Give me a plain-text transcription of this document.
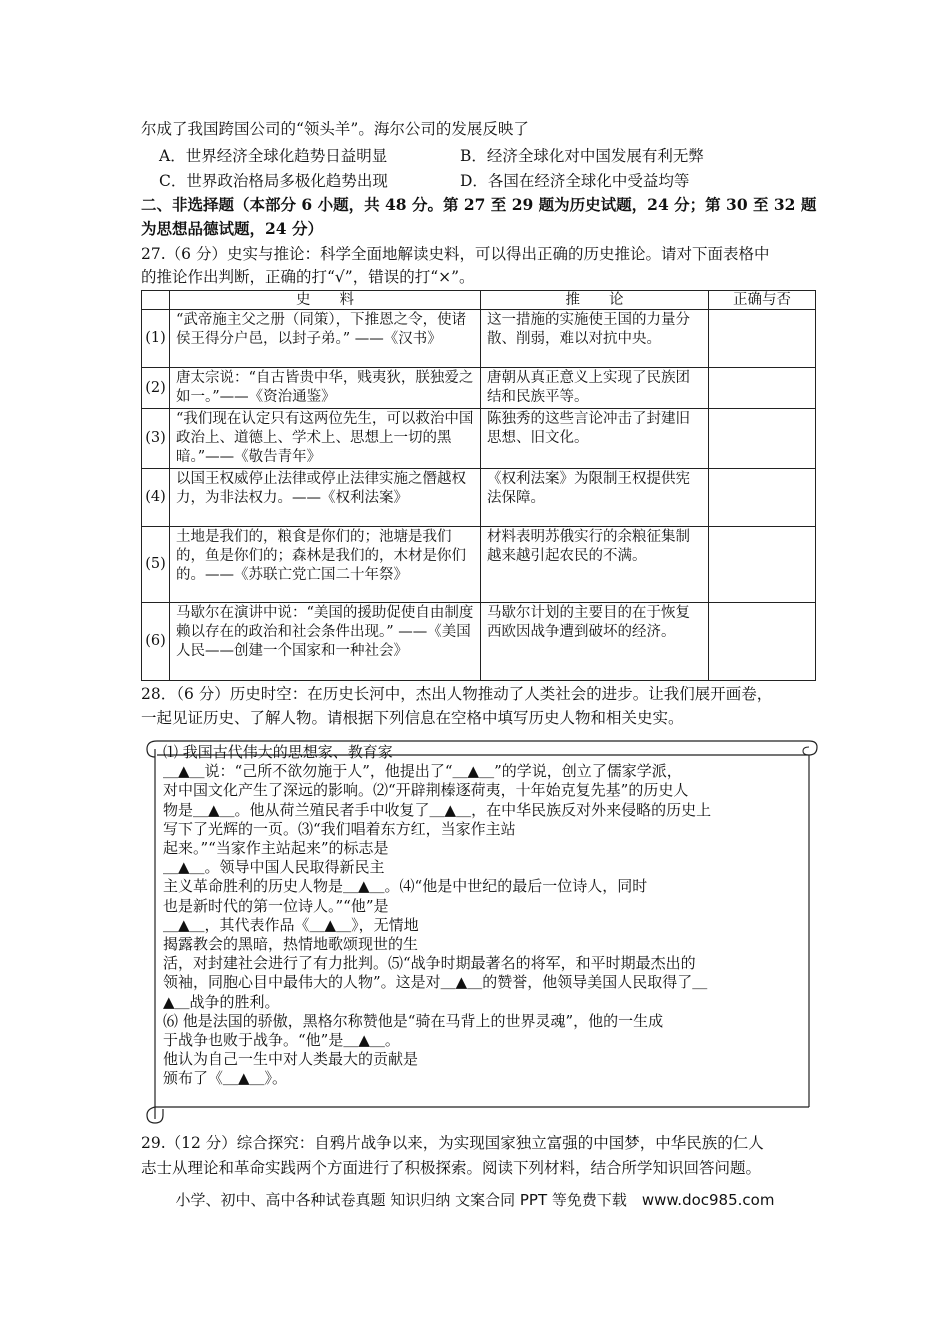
尔成了我国跨国公司的“领头羊”。海尔公司的发展反映了
A．世界经济全球化趋势日益明显	B．经济全球化对中国发展有利无弊
C．世界政治格局多极化趋势出现	D．各国在经济全球化中受益均等
二、非选择题（本部分 6 小题，共 48 分。第 27 至 29 题为历史试题，24 分；第 30 至 32 题
为思想品德试题，24 分）
27.（6 分）史实与推论：科学全面地解读史料，可以得出正确的历史推论。请对下面表格中
的推论作出判断，正确的打“√”，错误的打“×”。
	史　　料	推　　论	正确与否
(1)	“武帝施主父之册（同策），下推恩之令，使诸侯王得分户邑，以封子弟。” ——《汉书》	这一措施的实施使王国的力量分散、削弱，难以对抗中央。	
(2)	唐太宗说：“自古皆贵中华，贱夷狄，朕独爱之如一。”——《资治通鉴》	唐朝从真正意义上实现了民族团结和民族平等。	
(3)	“我们现在认定只有这两位先生，可以救治中国政治上、道德上、学术上、思想上一切的黑暗。”——《敬告青年》	陈独秀的这些言论冲击了封建旧思想、旧文化。	
(4)	以国王权威停止法律或停止法律实施之僭越权力，为非法权力。——《权利法案》	《权利法案》为限制王权提供宪法保障。	
(5)	土地是我们的，粮食是你们的；池塘是我们的，鱼是你们的；森林是我们的，木材是你们的。——《苏联亡党亡国二十年祭》	材料表明苏俄实行的余粮征集制越来越引起农民的不满。	
(6)	马歇尔在演讲中说：“美国的援助促使自由制度赖以存在的政治和社会条件出现。” ——《美国人民——创建一个国家和一种社会》	马歇尔计划的主要目的在于恢复西欧因战争遭到破坏的经济。	
28．（6 分）历史时空：在历史长河中，杰出人物推动了人类社会的进步。让我们展开画卷，
一起见证历史、了解人物。请根据下列信息在空格中填写历史人物和相关史实。
⑴ 我国古代伟大的思想家、教育家
＿▲＿说：“己所不欲勿施于人”，他提出了“＿▲＿”的学说，创立了儒家学派，
对中国文化产生了深远的影响。⑵“开辟荆榛逐荷夷，十年始克复先基”的历史人
物是＿▲＿。他从荷兰殖民者手中收复了＿▲＿，在中华民族反对外来侵略的历史上
写下了光辉的一页。⑶“我们唱着东方红，当家作主站
起来。”“当家作主站起来”的标志是
＿▲＿。领导中国人民取得新民主
主义革命胜利的历史人物是＿▲＿。⑷“他是中世纪的最后一位诗人，同时
也是新时代的第一位诗人。”“他”是
＿▲＿，其代表作品《＿▲＿》，无情地
揭露教会的黑暗，热情地歌颂现世的生
活，对封建社会进行了有力批判。⑸“战争时期最著名的将军，和平时期最杰出的
领袖，同胞心目中最伟大的人物”。这是对＿▲＿的赞誉，他领导美国人民取得了＿
▲＿战争的胜利。
⑹ 他是法国的骄傲，黑格尔称赞他是“骑在马背上的世界灵魂”，他的一生成
于战争也败于战争。“他”是＿▲＿。
他认为自己一生中对人类最大的贡献是
颁布了《＿▲＿》。
29.（12 分）综合探究：自鸦片战争以来，为实现国家独立富强的中国梦，中华民族的仁人
志士从理论和革命实践两个方面进行了积极探索。阅读下列材料，结合所学知识回答问题。
小学、初中、高中各种试卷真题 知识归纳 文案合同 PPT 等免费下载　www.doc985.com
